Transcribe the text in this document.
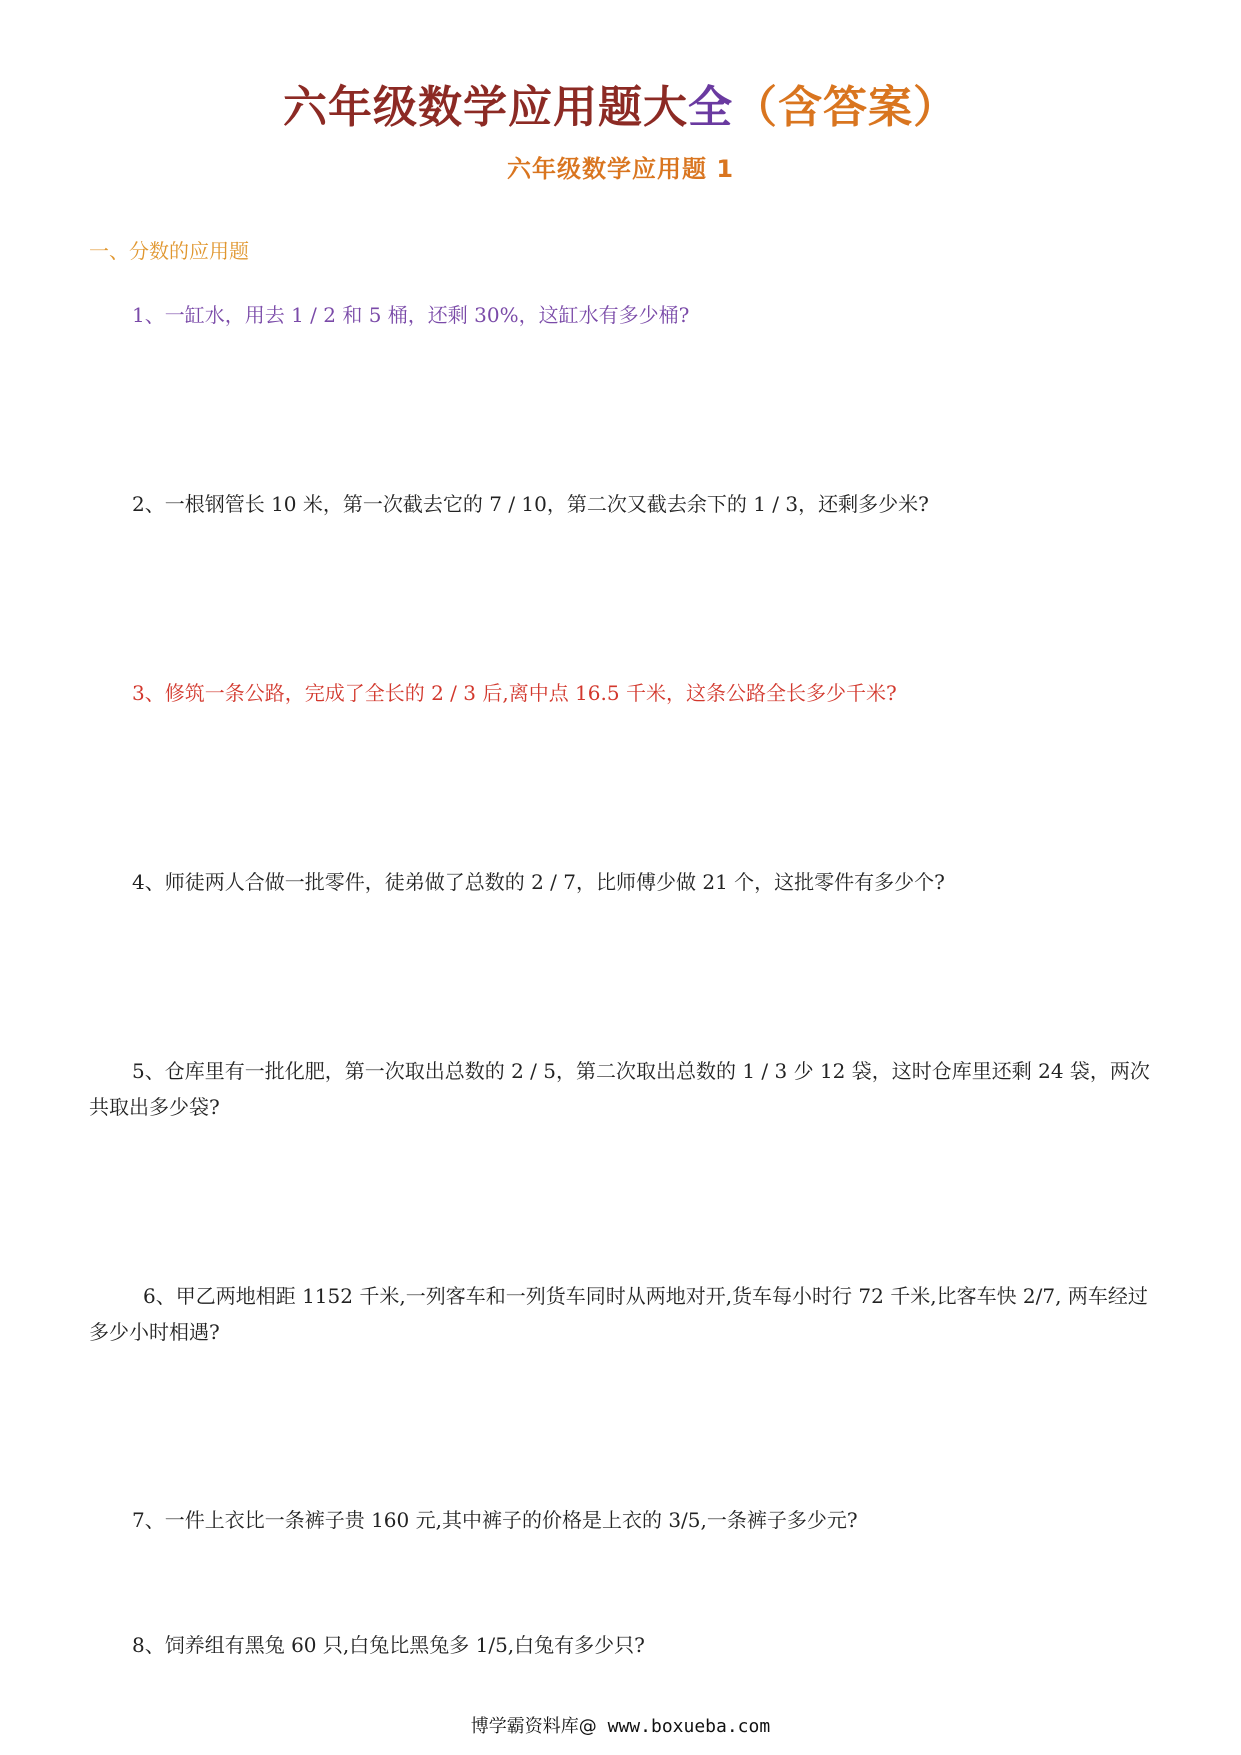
六年级数学应用题大全（含答案）
六年级数学应用题 1
一、分数的应用题
1、一缸水，用去 1 / 2 和 5 桶，还剩 30%，这缸水有多少桶?
2、一根钢管长 10 米，第一次截去它的 7 / 10，第二次又截去余下的 1 / 3，还剩多少米?
3、修筑一条公路，完成了全长的 2 / 3 后,离中点 16.5 千米，这条公路全长多少千米?
4、师徒两人合做一批零件，徒弟做了总数的 2 / 7，比师傅少做 21 个，这批零件有多少个?
5、仓库里有一批化肥，第一次取出总数的 2 / 5，第二次取出总数的 1 / 3 少 12 袋，这时仓库里还剩 24 袋，两次共取出多少袋?
6、甲乙两地相距 1152 千米,一列客车和一列货车同时从两地对开,货车每小时行 72 千米,比客车快 2/7, 两车经过多少小时相遇?
7、一件上衣比一条裤子贵 160 元,其中裤子的价格是上衣的 3/5,一条裤子多少元?
8、饲养组有黑兔 60 只,白兔比黑兔多 1/5,白兔有多少只?
博学霸资料库@ www.boxueba.com
